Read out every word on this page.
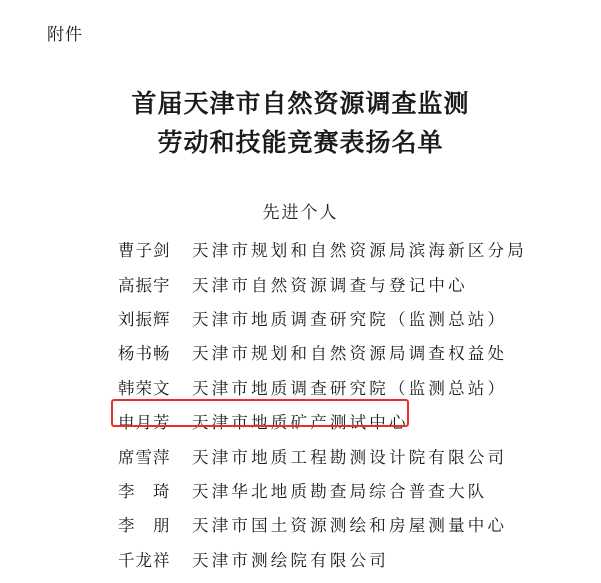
附件
首届天津市自然资源调查监测
劳动和技能竞赛表扬名单
先进个人
曹子剑	天津市规划和自然资源局滨海新区分局
高振宇	天津市自然资源调查与登记中心
刘振辉	天津市地质调查研究院（监测总站）
杨书畅	天津市规划和自然资源局调查权益处
韩荣文	天津市地质调查研究院（监测总站）
申月芳	天津市地质矿产测试中心
席雪萍	天津市地质工程勘测设计院有限公司
李　琦	天津华北地质勘查局综合普查大队
李　朋	天津市国土资源测绘和房屋测量中心
千龙祥	天津市测绘院有限公司
